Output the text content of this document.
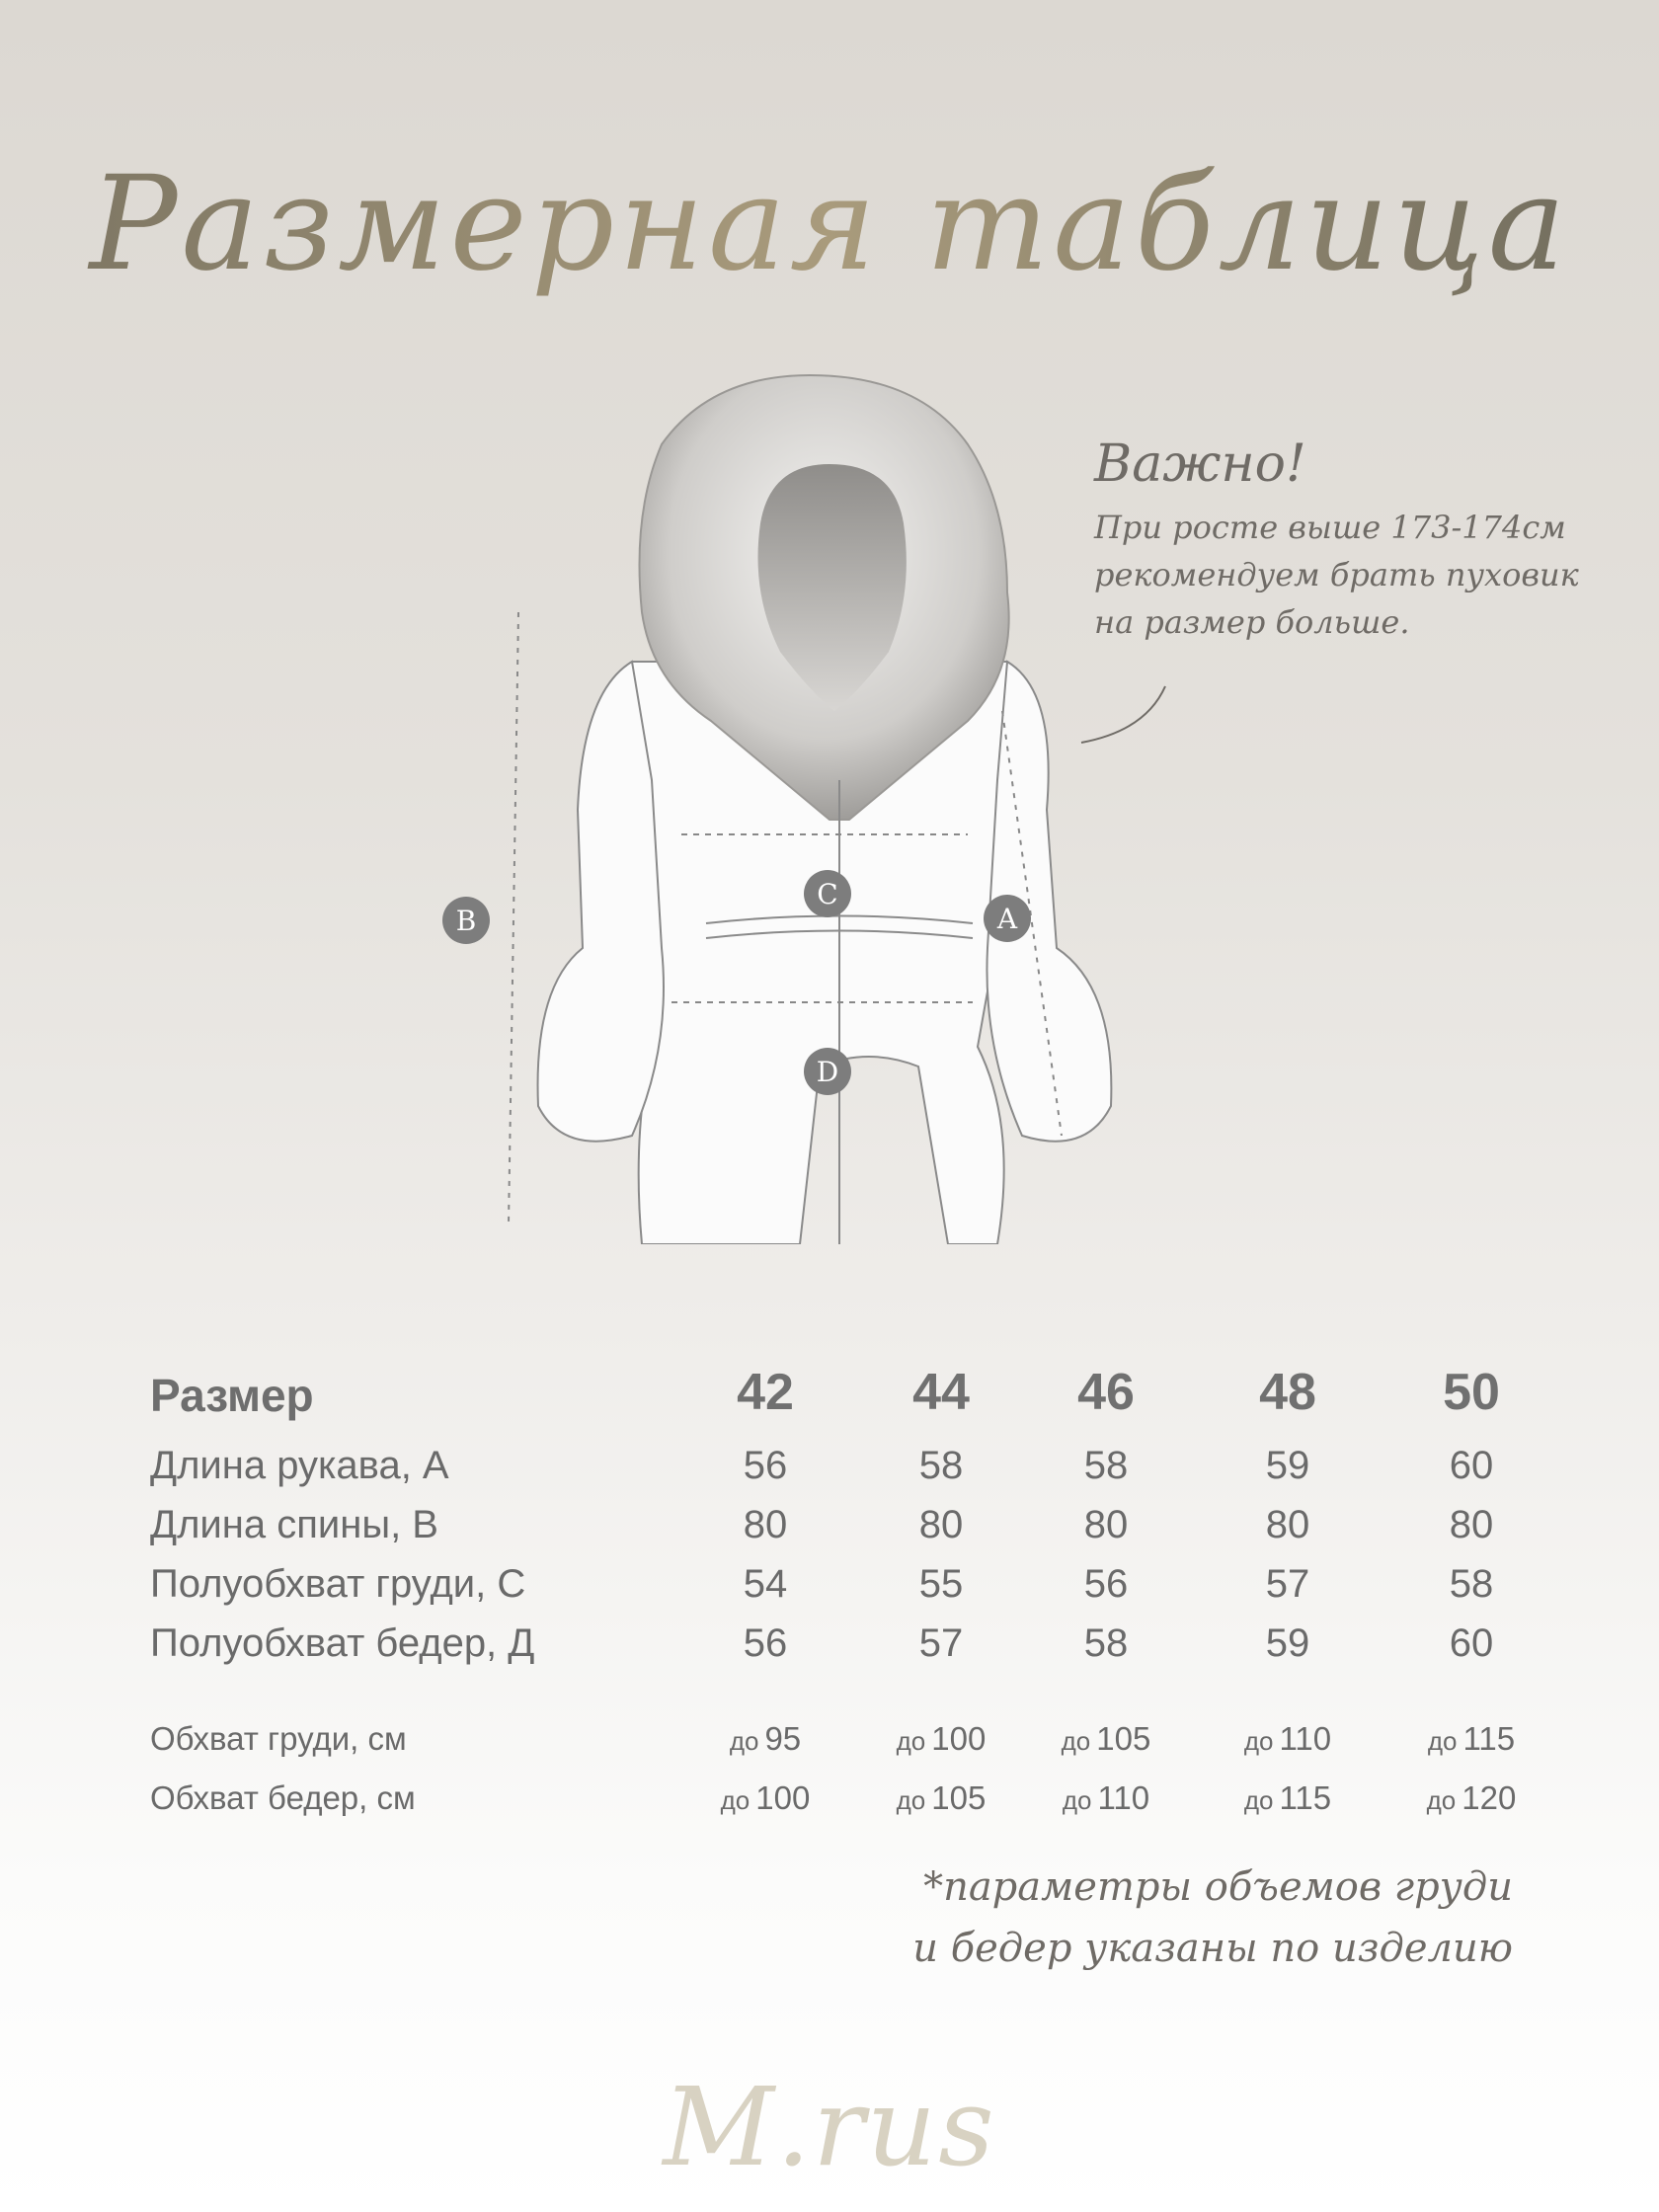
Размерная таблица
B
C
A
D
Важно!
При росте выше 173-174см
рекомендуем брать пуховик
на размер больше.
Размер	42	44	46	48	50
Длина рукава, А	56	58	58	59	60
Длина спины, В	80	80	80	80	80
Полуобхват груди, С	54	55	56	57	58
Полуобхват бедер, Д	56	57	58	59	60
Обхват груди, см	до 95	до 100	до 105	до 110	до 115
Обхват бедер, см	до 100	до 105	до 110	до 115	до 120
*параметры объемов груди
и бедер указаны по изделию
M.rus
